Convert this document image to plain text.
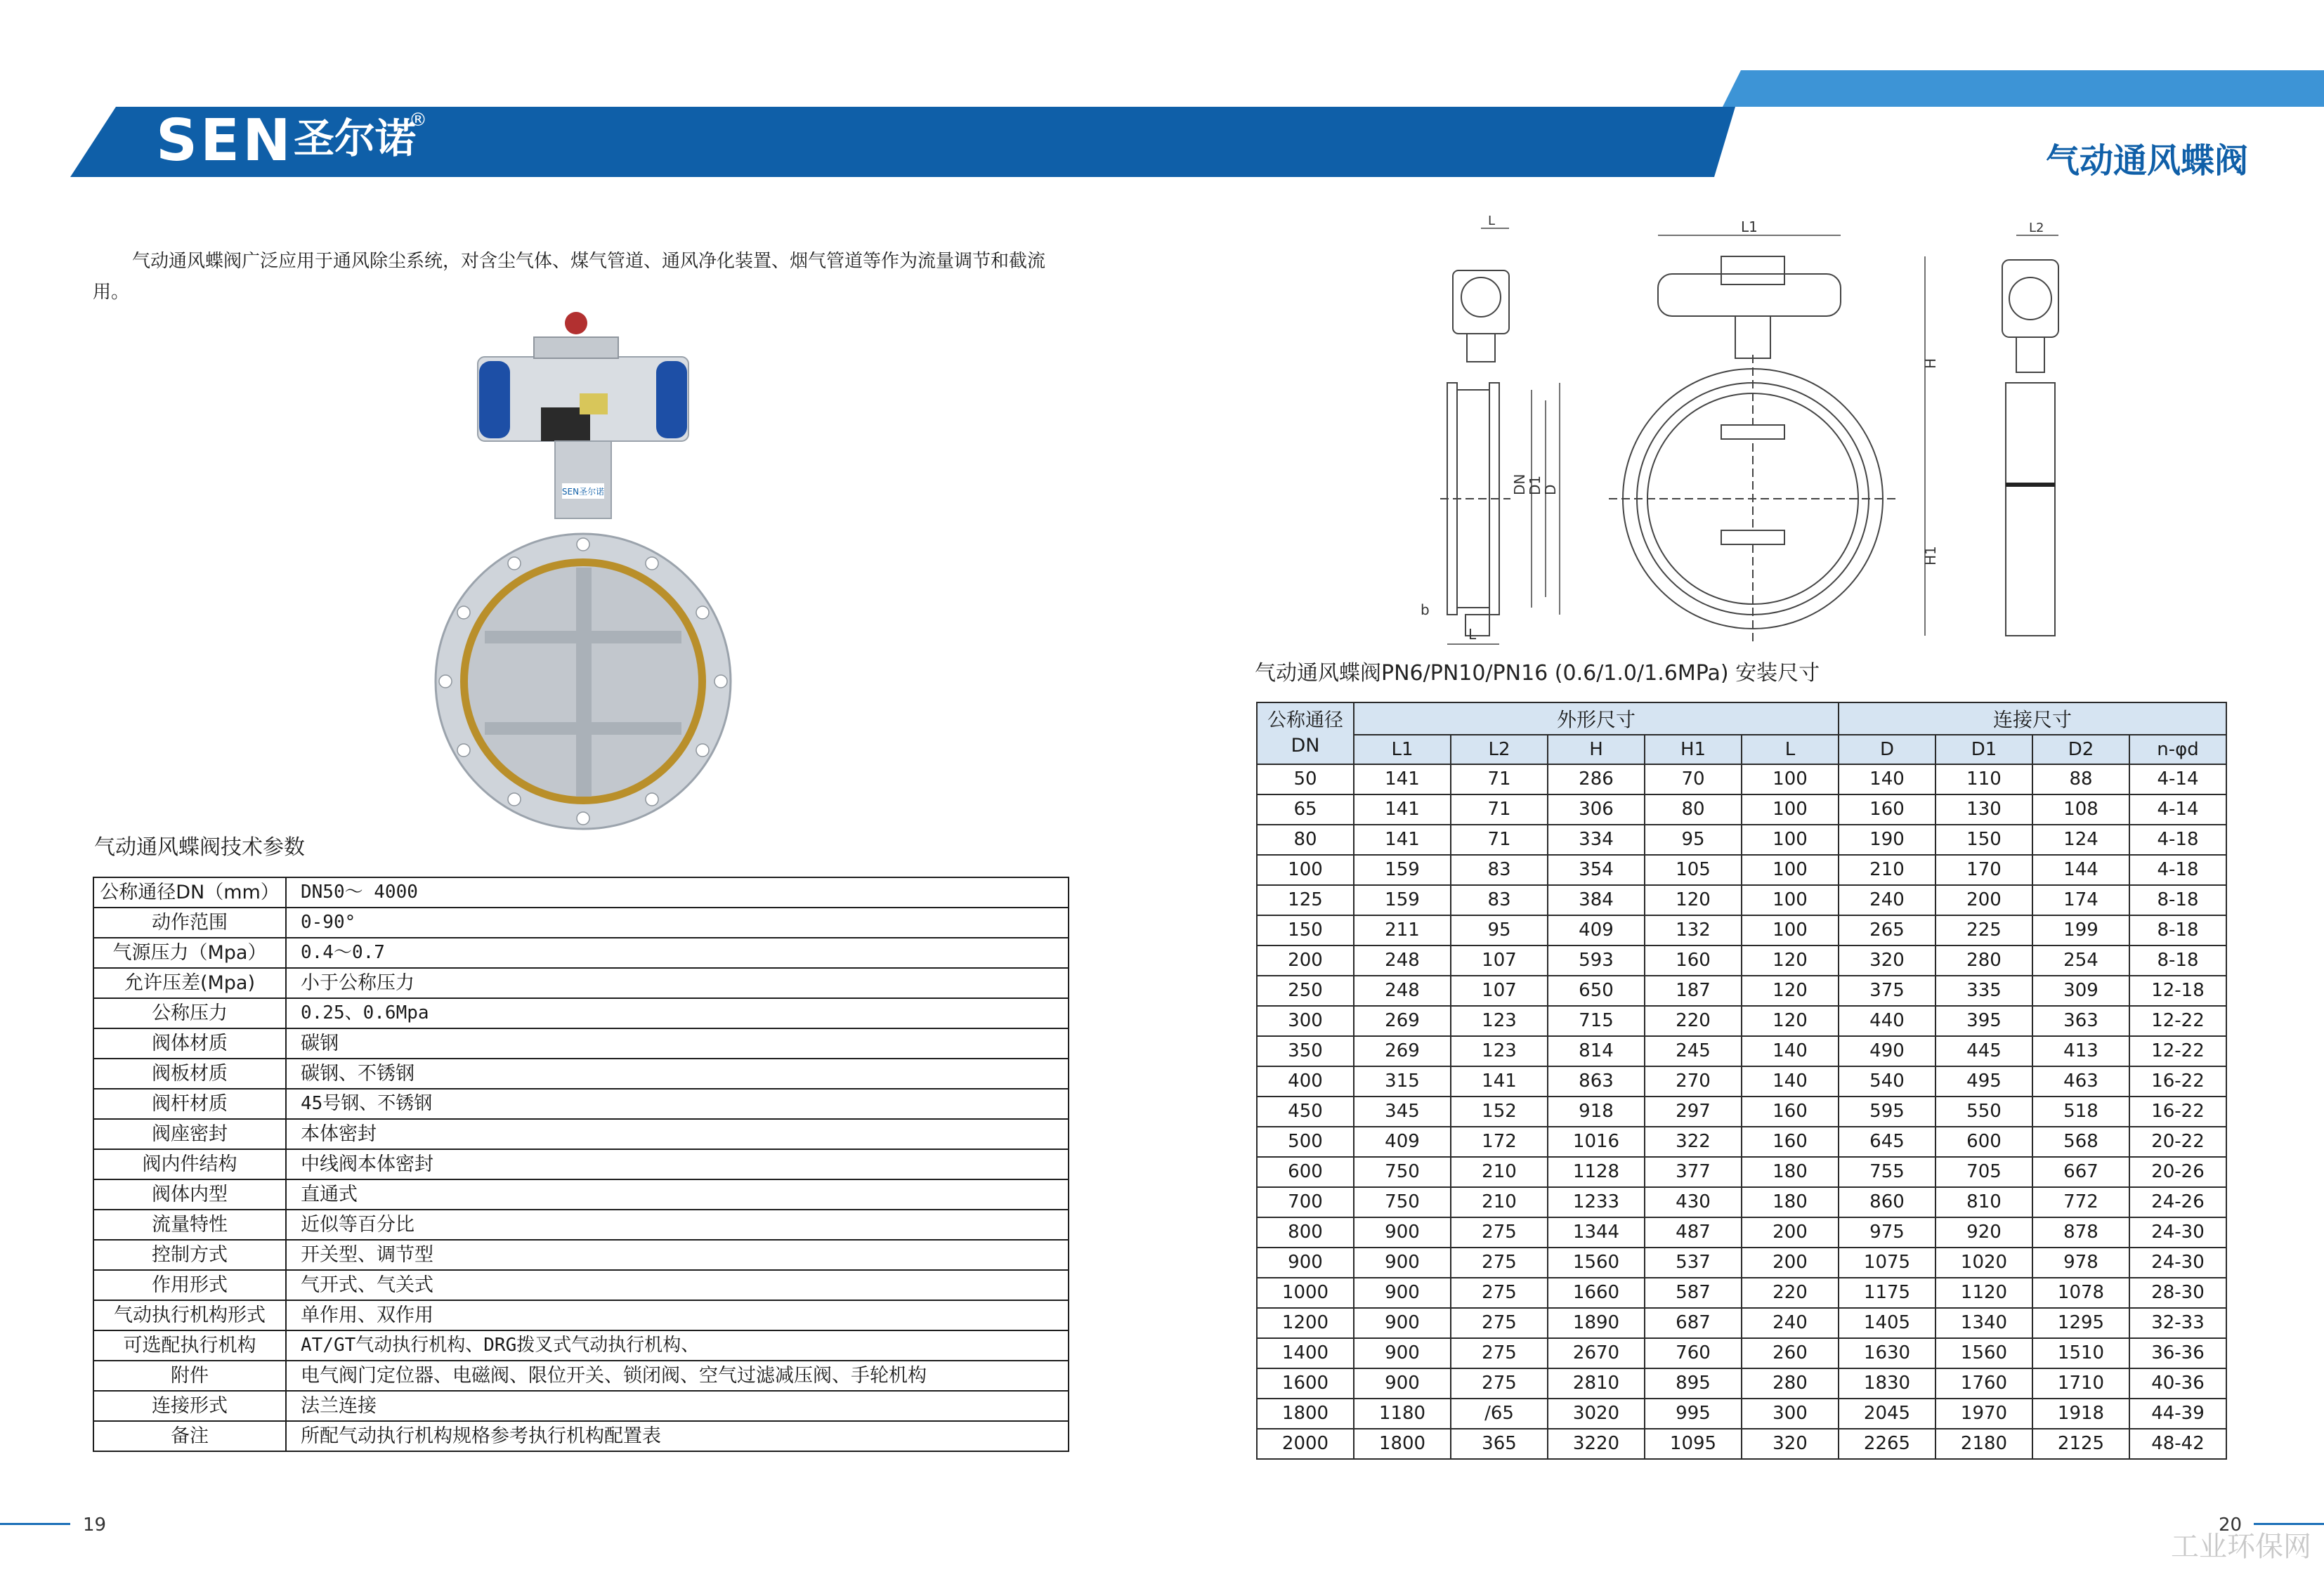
SEN 圣尔诺
®
气动通风蝶阀
气动通风蝶阀广泛应用于通风除尘系统，对含尘气体、煤气管道、通风净化装置、烟气管道等作为流量调节和截流用。
SEN圣尔诺
b
L
L
DN
D1
D
L1
H
H1
L2
气动通风蝶阀技术参数
公称通径DN（mm）	DN50～ 4000
动作范围	0-90°
气源压力（Mpa）	0.4～0.7
允许压差(Mpa)	小于公称压力
公称压力	0.25、0.6Mpa
阀体材质	碳钢
阀板材质	碳钢、不锈钢
阀杆材质	45号钢、不锈钢
阀座密封	本体密封
阀内件结构	中线阀本体密封
阀体内型	直通式
流量特性	近似等百分比
控制方式	开关型、调节型
作用形式	气开式、气关式
气动执行机构形式	单作用、双作用
可选配执行机构	AT/GT气动执行机构、DRG拨叉式气动执行机构、
附件	电气阀门定位器、电磁阀、限位开关、锁闭阀、空气过滤减压阀、手轮机构
连接形式	法兰连接
备注	所配气动执行机构规格参考执行机构配置表
气动通风蝶阀PN6/PN10/PN16 (0.6/1.0/1.6MPa) 安装尺寸
公称通径DN	外形尺寸					连接尺寸			
	L1	L2	H	H1	L	D	D1	D2	n-φd
50	141	71	286	70	100	140	110	88	4-14
65	141	71	306	80	100	160	130	108	4-14
80	141	71	334	95	100	190	150	124	4-18
100	159	83	354	105	100	210	170	144	4-18
125	159	83	384	120	100	240	200	174	8-18
150	211	95	409	132	100	265	225	199	8-18
200	248	107	593	160	120	320	280	254	8-18
250	248	107	650	187	120	375	335	309	12-18
300	269	123	715	220	120	440	395	363	12-22
350	269	123	814	245	140	490	445	413	12-22
400	315	141	863	270	140	540	495	463	16-22
450	345	152	918	297	160	595	550	518	16-22
500	409	172	1016	322	160	645	600	568	20-22
600	750	210	1128	377	180	755	705	667	20-26
700	750	210	1233	430	180	860	810	772	24-26
800	900	275	1344	487	200	975	920	878	24-30
900	900	275	1560	537	200	1075	1020	978	24-30
1000	900	275	1660	587	220	1175	1120	1078	28-30
1200	900	275	1890	687	240	1405	1340	1295	32-33
1400	900	275	2670	760	260	1630	1560	1510	36-36
1600	900	275	2810	895	280	1830	1760	1710	40-36
1800	1180	/65	3020	995	300	2045	1970	1918	44-39
2000	1800	365	3220	1095	320	2265	2180	2125	48-42
19	20
工业环保网
